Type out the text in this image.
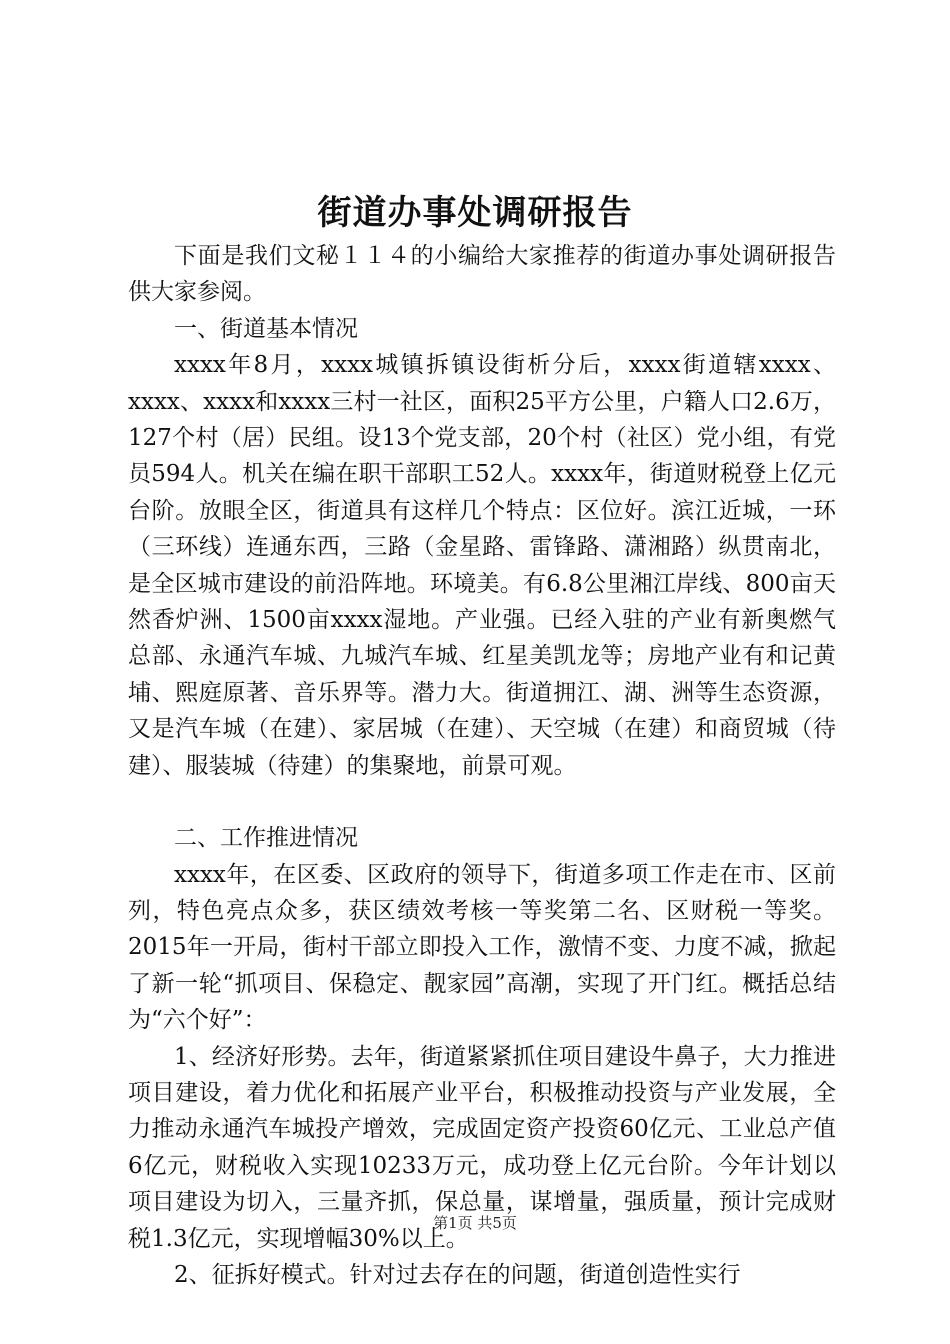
街道办事处调研报告

下面是我们文秘１１４的小编给大家推荐的街道办事处调研报告供大家参阅。

一、街道基本情况

xxxx年8月，xxxx城镇拆镇设街析分后，xxxx街道辖xxxx、xxxx、xxxx和xxxx三村一社区，面积25平方公里，户籍人口2.6万，127个村（居）民组。设13个党支部，20个村（社区）党小组，有党员594人。机关在编在职干部职工52人。xxxx年，街道财税登上亿元台阶。放眼全区，街道具有这样几个特点：区位好。滨江近城，一环（三环线）连通东西，三路（金星路、雷锋路、潇湘路）纵贯南北，是全区城市建设的前沿阵地。环境美。有6.8公里湘江岸线、800亩天然香炉洲、1500亩xxxx湿地。产业强。已经入驻的产业有新奥燃气总部、永通汽车城、九城汽车城、红星美凯龙等；房地产业有和记黄埔、熙庭原著、音乐界等。潜力大。街道拥江、湖、洲等生态资源，又是汽车城（在建）、家居城（在建）、天空城（在建）和商贸城（待建）、服装城（待建）的集聚地，前景可观。

二、工作推进情况

xxxx年，在区委、区政府的领导下，街道多项工作走在市、区前列，特色亮点众多，获区绩效考核一等奖第二名、区财税一等奖。2015年一开局，街村干部立即投入工作，激情不变、力度不减，掀起了新一轮“抓项目、保稳定、靓家园”高潮，实现了开门红。概括总结为“六个好”：

1、经济好形势。去年，街道紧紧抓住项目建设牛鼻子，大力推进项目建设，着力优化和拓展产业平台，积极推动投资与产业发展，全力推动永通汽车城投产增效，完成固定资产投资60亿元、工业总产值6亿元，财税收入实现10233万元，成功登上亿元台阶。今年计划以项目建设为切入，三量齐抓，保总量，谋增量，强质量，预计完成财税1.3亿元，实现增幅30%以上。

2、征拆好模式。针对过去存在的问题，街道创造性实行

第1页 共5页
